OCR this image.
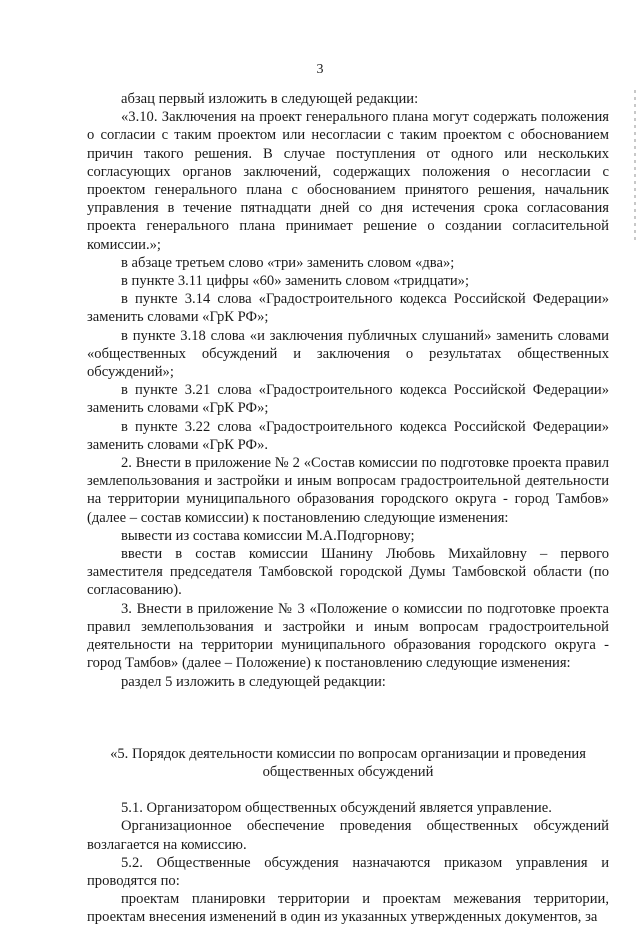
3

абзац первый изложить в следующей редакции:

«3.10. Заключения на проект генерального плана могут содержать положения о согласии с таким проектом или несогласии с таким проектом с обоснованием причин такого решения. В случае поступления от одного или нескольких согласующих органов заключений, содержащих положения о несогласии с проектом генерального плана с обоснованием принятого решения, начальник управления в течение пятнадцати дней со дня истечения срока согласования проекта генерального плана принимает решение о создании согласительной комиссии.»;

в абзаце третьем слово «три» заменить словом «два»;

в пункте 3.11 цифры «60» заменить словом «тридцати»;

в пункте 3.14 слова «Градостроительного кодекса Российской Федерации» заменить словами «ГрК РФ»;

в пункте 3.18 слова «и заключения публичных слушаний» заменить словами «общественных обсуждений и заключения о результатах общественных обсуждений»;

в пункте 3.21 слова «Градостроительного кодекса Российской Федерации» заменить словами «ГрК РФ»;

в пункте 3.22 слова «Градостроительного кодекса Российской Федерации» заменить словами «ГрК РФ».

2. Внести в приложение № 2 «Состав комиссии по подготовке проекта правил землепользования и застройки и иным вопросам градостроительной деятельности на территории муниципального образования городского округа - город Тамбов» (далее – состав комиссии) к постановлению следующие изменения:

вывести из состава комиссии М.А.Подгорнову;

ввести в состав комиссии Шанину Любовь Михайловну – первого заместителя председателя Тамбовской городской Думы Тамбовской области (по согласованию).

3. Внести в приложение № 3 «Положение о комиссии по подготовке проекта правил землепользования и застройки и иным вопросам градостроительной деятельности на территории муниципального образования городского округа - город Тамбов» (далее – Положение) к постановлению следующие изменения:

раздел 5 изложить в следующей редакции:

«5. Порядок деятельности комиссии по вопросам организации и проведения
общественных обсуждений

5.1. Организатором общественных обсуждений является управление.

Организационное обеспечение проведения общественных обсуждений возлагается на комиссию.

5.2. Общественные обсуждения назначаются приказом управления и проводятся по:

проектам планировки территории и проектам межевания территории, проектам внесения изменений в один из указанных утвержденных документов, за
